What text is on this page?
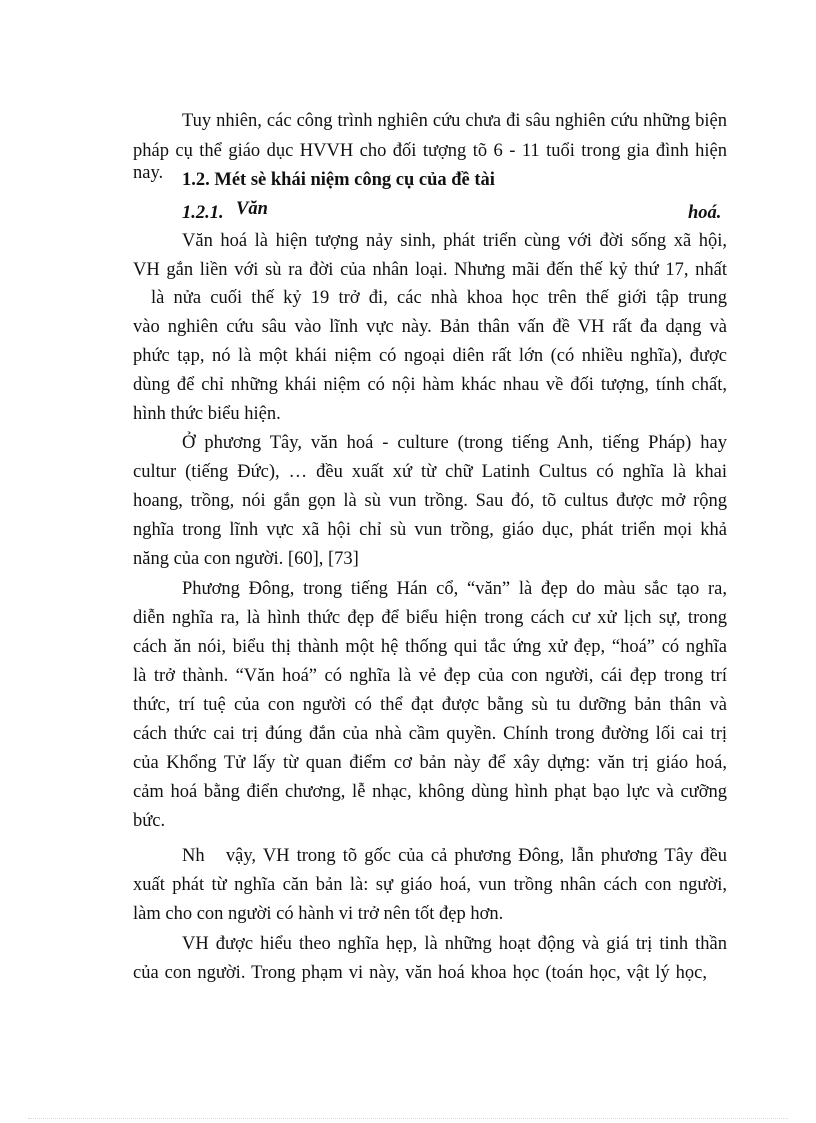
Tuy nhiên, các công trình nghiên cứu chưa đi sâu nghiên cứu những biện
pháp cụ thể giáo dục HVVH cho đối tượng tõ 6 - 11 tuổi trong gia đình hiện nay.	1.2. Mét sè khái niệm công cụ của đề tài
1.2.1. Văn	hoá.
Văn hoá là hiện tượng nảy sinh, phát triển cùng với đời sống xã hội,
VH gắn liền với sù ra đời của nhân loại. Nhưng mãi đến thế kỷ thứ 17, nhất
là nửa cuối thế kỷ 19 trở đi, các nhà khoa học trên thế giới tập trung
vào nghiên cứu sâu vào lĩnh vực này. Bản thân vấn đề VH rất đa dạng và
phức tạp, nó là một khái niệm có ngoại diên rất lớn (có nhiều nghĩa), được
dùng để chỉ những khái niệm có nội hàm khác nhau về đối tượng, tính chất,
hình thức biểu hiện.
Ở phương Tây, văn hoá - culture (trong tiếng Anh, tiếng Pháp) hay
cultur (tiếng Đức), … đều xuất xứ từ chữ Latinh Cultus có nghĩa là khai
hoang, trồng, nói gắn gọn là sù vun trồng. Sau đó, tõ cultus được mở rộng
nghĩa trong lĩnh vực xã hội chỉ sù vun trồng, giáo dục, phát triển mọi khả
năng của con người. [60], [73]
Phương Đông, trong tiếng Hán cổ, “văn” là đẹp do màu sắc tạo ra,
diễn nghĩa ra, là hình thức đẹp để biểu hiện trong cách cư xử lịch sự, trong
cách ăn nói, biểu thị thành một hệ thống qui tắc ứng xử đẹp, “hoá” có nghĩa
là trở thành. “Văn hoá” có nghĩa là vẻ đẹp của con người, cái đẹp trong trí
thức, trí tuệ của con người có thể đạt được bằng sù tu dưỡng bản thân và
cách thức cai trị đúng đắn của nhà cầm quyền. Chính trong đường lối cai trị
của Khổng Tử lấy từ quan điểm cơ bản này để xây dựng: văn trị giáo hoá,
cảm hoá bằng điển chương, lễ nhạc, không dùng hình phạt bạo lực và cưỡng
bức.
Nh   vậy, VH trong tõ gốc của cả phương Đông, lẫn phương Tây đều
xuất phát từ nghĩa căn bản là: sự giáo hoá, vun trồng nhân cách con người,
làm cho con người có hành vi trở nên tốt đẹp hơn.
VH được hiểu theo nghĩa hẹp, là những hoạt động và giá trị tinh thần
của con người. Trong phạm vi này, văn hoá khoa học (toán học, vật lý học,
